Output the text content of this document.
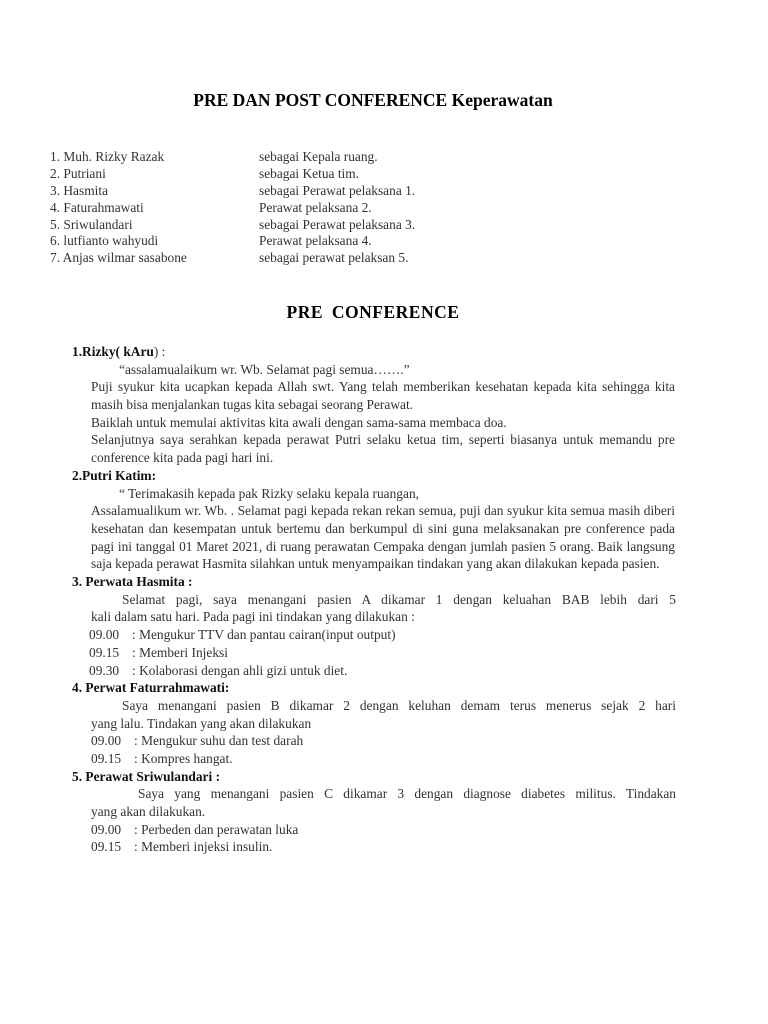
PRE DAN POST CONFERENCE Keperawatan
1. Muh. Rizky Razak	sebagai Kepala ruang.
2. Putriani	sebagai Ketua tim.
3. Hasmita	sebagai Perawat pelaksana 1.
4. Faturahmawati	Perawat pelaksana 2.
5. Sriwulandari	sebagai Perawat pelaksana 3.
6. lutfianto wahyudi	Perawat pelaksana 4.
7. Anjas wilmar sasabone	sebagai perawat pelaksan 5.
PRE CONFERENCE
1.Rizky( kAru) :
“assalamualaikum wr. Wb. Selamat pagi semua…….”
Puji syukur kita ucapkan kepada Allah swt. Yang telah memberikan kesehatan kepada kita sehingga kita masih bisa menjalankan tugas kita sebagai seorang Perawat.
Baiklah untuk memulai aktivitas kita awali dengan sama-sama membaca doa.
Selanjutnya saya serahkan kepada perawat Putri selaku ketua tim, seperti biasanya untuk memandu pre conference kita pada pagi hari ini.
2.Putri Katim:
“ Terimakasih kepada pak Rizky selaku kepala ruangan,
Assalamualikum wr. Wb. . Selamat pagi kepada rekan rekan semua, puji dan syukur kita semua masih diberi kesehatan dan kesempatan untuk bertemu dan berkumpul di sini guna melaksanakan pre conference pada pagi ini tanggal 01 Maret 2021, di ruang perawatan Cempaka dengan jumlah pasien 5 orang. Baik langsung saja kepada perawat Hasmita silahkan untuk menyampaikan tindakan yang akan dilakukan kepada pasien.
3. Perwata Hasmita :
Selamat pagi, saya menangani pasien A dikamar 1 dengan keluahan BAB lebih dari 5
kali dalam satu hari. Pada pagi ini tindakan yang dilakukan :
09.00 : Mengukur TTV dan pantau cairan(input output)
09.15 : Memberi Injeksi
09.30 : Kolaborasi dengan ahli gizi untuk diet.
4. Perwat Faturrahmawati:
Saya menangani pasien B dikamar 2 dengan keluhan demam terus menerus sejak 2 hari
yang lalu. Tindakan yang akan dilakukan
09.00 : Mengukur suhu dan test darah
09.15 : Kompres hangat.
5. Perawat Sriwulandari :
Saya yang menangani pasien C dikamar 3 dengan diagnose diabetes militus. Tindakan
yang akan dilakukan.
09.00 : Perbeden dan perawatan luka
09.15 : Memberi injeksi insulin.
